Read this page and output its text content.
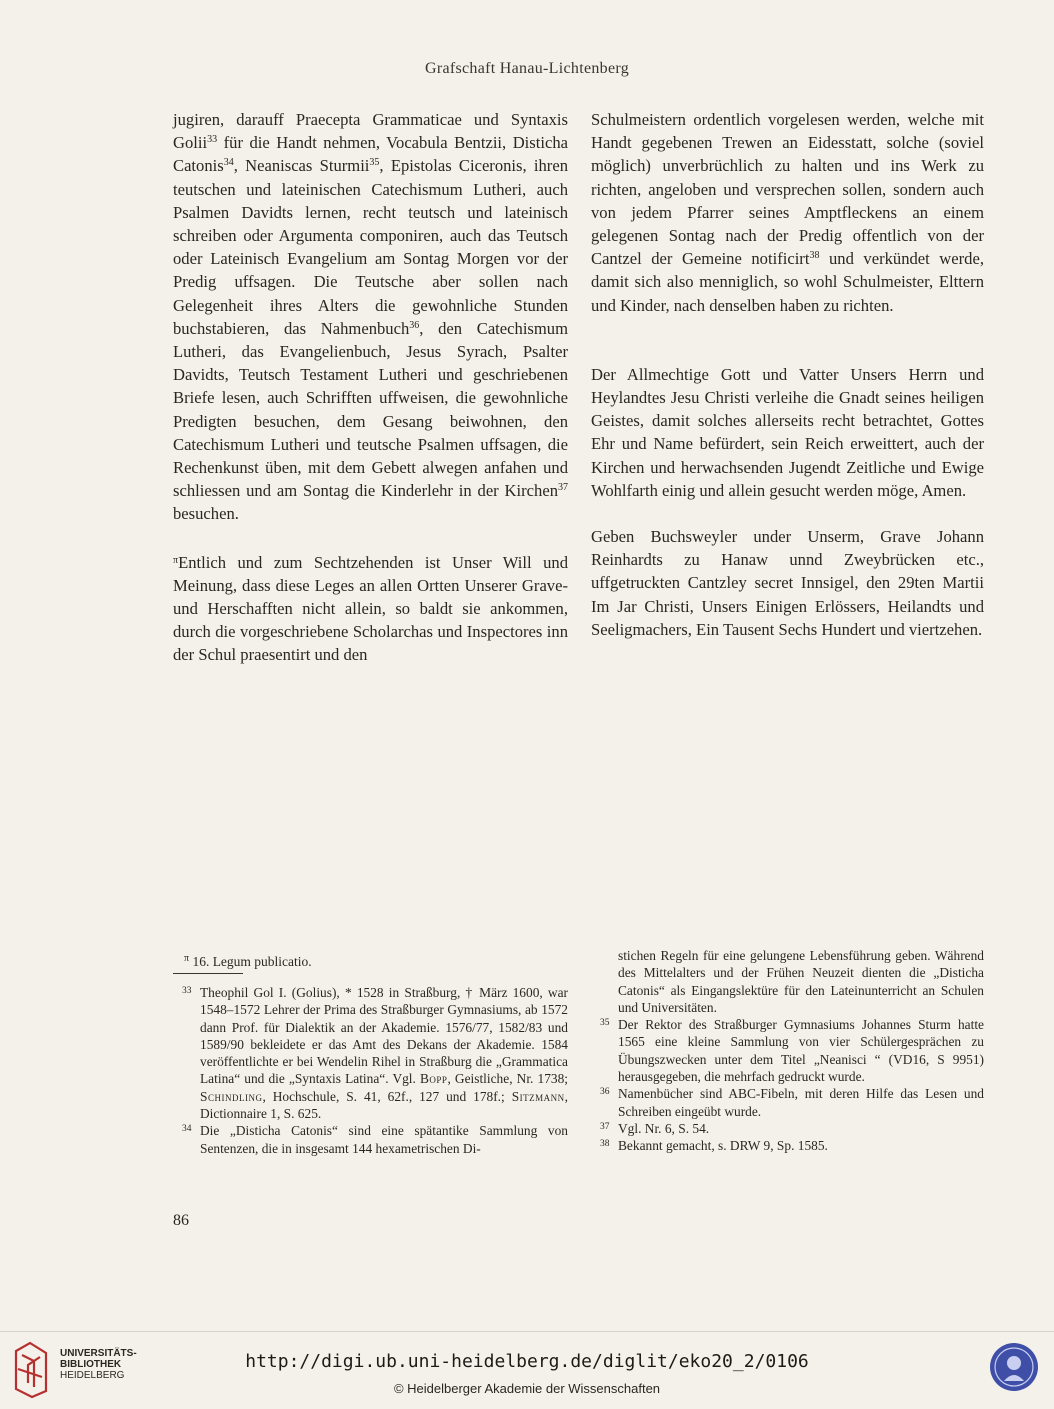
Grafschaft Hanau-Lichtenberg

jugiren, darauff Praecepta Grammaticae und Syntaxis Golii$^{33}$ für die Handt nehmen, Vocabula Bentzii, Disticha Catonis$^{34}$, Neaniscas Sturmii$^{35}$, Epistolas Ciceronis, ihren teutschen und lateinischen Catechismum Lutheri, auch Psalmen Davidts lernen, recht teutsch und lateinisch schreiben oder Argumenta componiren, auch das Teutsch oder Lateinisch Evangelium am Sontag Morgen vor der Predig uffsagen. Die Teutsche aber sollen nach Gelegenheit ihres Alters die gewohnliche Stunden buchstabieren, das Nahmenbuch$^{36}$, den Catechismum Lutheri, das Evangelienbuch, Jesus Syrach, Psalter Davidts, Teutsch Testament Lutheri und geschriebenen Briefe lesen, auch Schrifften uffweisen, die gewohnliche Predigten besuchen, dem Gesang beiwohnen, den Catechismum Lutheri und teutsche Psalmen uffsagen, die Rechenkunst üben, mit dem Gebett alwegen anfahen und schliessen und am Sontag die Kinderlehr in der Kirchen$^{37}$ besuchen.

$^\pi$Entlich und zum Sechtzehenden ist Unser Will und Meinung, dass diese Leges an allen Ortten Unserer Grave- und Herschafften nicht allein, so baldt sie ankommen, durch die vorgeschriebene Scholarchas und Inspectores inn der Schul praesentirt und den

Schulmeistern ordentlich vorgelesen werden, welche mit Handt gegebenen Trewen an Eidesstatt, solche (soviel möglich) unverbrüchlich zu halten und ins Werk zu richten, angeloben und versprechen sollen, sondern auch von jedem Pfarrer seines Amptfleckens an einem gelegenen Sontag nach der Predig offentlich von der Cantzel der Gemeine notificirt$^{38}$ und verkündet werde, damit sich also menniglich, so wohl Schulmeister, Elttern und Kinder, nach denselben haben zu richten.

Der Allmechtige Gott und Vatter Unsers Herrn und Heylandtes Jesu Christi verleihe die Gnadt seines heiligen Geistes, damit solches allerseits recht betrachtet, Gottes Ehr und Name befürdert, sein Reich erweittert, auch der Kirchen und herwachsenden Jugendt Zeitliche und Ewige Wohlfarth einig und allein gesucht werden möge, Amen.

Geben Buchsweyler under Unserm, Grave Johann Reinhardts zu Hanaw unnd Zweybrücken etc., uffgetruckten Cantzley secret Innsigel, den 29ten Martii Im Jar Christi, Unsers Einigen Erlössers, Heilandts und Seeligmachers, Ein Tausent Sechs Hundert und viertzehen.

$^\pi$ 16. Legum publicatio.

33 Theophil Gol I. (Golius), * 1528 in Straßburg, † März 1600, war 1548–1572 Lehrer der Prima des Straßburger Gymnasiums, ab 1572 dann Prof. für Dialektik an der Akademie. 1576/77, 1582/83 und 1589/90 bekleidete er das Amt des Dekans der Akademie. 1584 veröffentlichte er bei Wendelin Rihel in Straßburg die „Grammatica Latina“ und die „Syntaxis Latina“. Vgl. Bopp, Geistliche, Nr. 1738; Schindling, Hochschule, S. 41, 62f., 127 und 178f.; Sitzmann, Dictionnaire 1, S. 625.

34 Die „Disticha Catonis“ sind eine spätantike Sammlung von Sentenzen, die in insgesamt 144 hexametrischen Di-

stichen Regeln für eine gelungene Lebensführung geben. Während des Mittelalters und der Frühen Neuzeit dienten die „Disticha Catonis“ als Eingangslektüre für den Lateinunterricht an Schulen und Universitäten.

35 Der Rektor des Straßburger Gymnasiums Johannes Sturm hatte 1565 eine kleine Sammlung von vier Schülergesprächen zu Übungszwecken unter dem Titel „Neanisci “ (VD16, S 9951) herausgegeben, die mehrfach gedruckt wurde.

36 Namenbücher sind ABC-Fibeln, mit deren Hilfe das Lesen und Schreiben eingeübt wurde.

37 Vgl. Nr. 6, S. 54.

38 Bekannt gemacht, s. DRW 9, Sp. 1585.

86
UNIVERSITÄTS-
BIBLIOTHEK
HEIDELBERG
http://digi.ub.uni-heidelberg.de/diglit/eko20_2/0106
© Heidelberger Akademie der Wissenschaften
